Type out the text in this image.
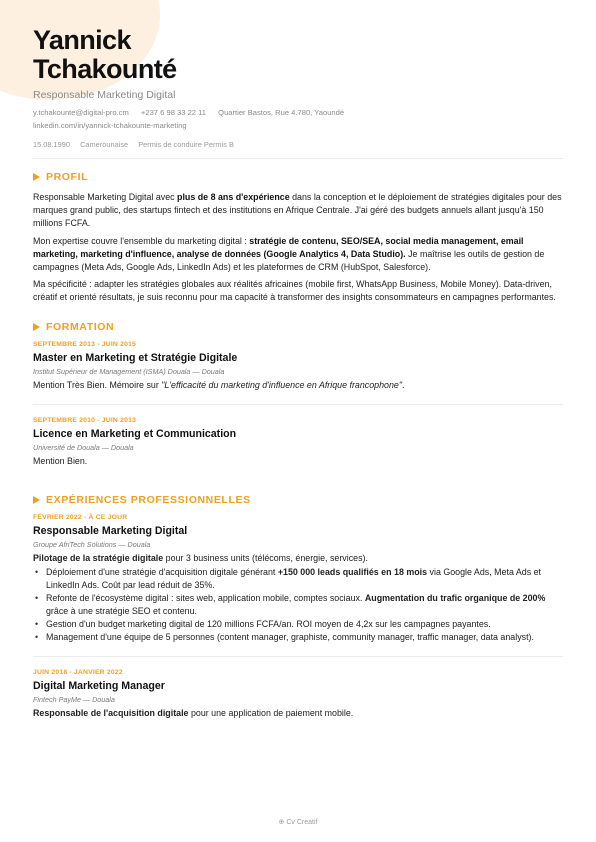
Yannick
Tchakounté
Responsable Marketing Digital
y.tchakounte@digital-pro.cm +237 6 98 33 22 11 Quartier Bastos, Rue 4.780, Yaoundé
linkedin.com/in/yannick-tchakounte-marketing
15.08.1990 Camerounaise Permis de conduire Permis B
PROFIL

Responsable Marketing Digital avec plus de 8 ans d'expérience dans la conception et le déploiement de stratégies digitales pour des marques grand public, des startups fintech et des institutions en Afrique Centrale. J'ai géré des budgets annuels allant jusqu'à 150 millions FCFA.

Mon expertise couvre l'ensemble du marketing digital : stratégie de contenu, SEO/SEA, social media management, email marketing, marketing d'influence, analyse de données (Google Analytics 4, Data Studio). Je maîtrise les outils de gestion de campagnes (Meta Ads, Google Ads, LinkedIn Ads) et les plateformes de CRM (HubSpot, Salesforce).

Ma spécificité : adapter les stratégies globales aux réalités africaines (mobile first, WhatsApp Business, Mobile Money). Data-driven, créatif et orienté résultats, je suis reconnu pour ma capacité à transformer des insights consommateurs en campagnes performantes.

FORMATION
SEPTEMBRE 2013 - JUIN 2015
Master en Marketing et Stratégie Digitale
Institut Supérieur de Management (ISMA) Douala — Douala
Mention Très Bien. Mémoire sur "L'efficacité du marketing d'influence en Afrique francophone".
SEPTEMBRE 2010 - JUIN 2013
Licence en Marketing et Communication
Université de Douala — Douala
Mention Bien.
EXPÉRIENCES PROFESSIONNELLES
FÉVRIER 2022 - À CE JOUR
Responsable Marketing Digital
Groupe AfriTech Solutions — Douala
Pilotage de la stratégie digitale pour 3 business units (télécoms, énergie, services).
• Déploiement d'une stratégie d'acquisition digitale générant +150 000 leads qualifiés en 18 mois via Google Ads, Meta Ads et LinkedIn Ads. Coût par lead réduit de 35%.
• Refonte de l'écosystème digital : sites web, application mobile, comptes sociaux. Augmentation du trafic organique de 200% grâce à une stratégie SEO et contenu.
• Gestion d'un budget marketing digital de 120 millions FCFA/an. ROI moyen de 4,2x sur les campagnes payantes.
• Management d'une équipe de 5 personnes (content manager, graphiste, community manager, traffic manager, data analyst).
JUIN 2018 - JANVIER 2022
Digital Marketing Manager
Fintech PayMe — Douala
Responsable de l'acquisition digitale pour une application de paiement mobile.
⊕ Cv Creatif
